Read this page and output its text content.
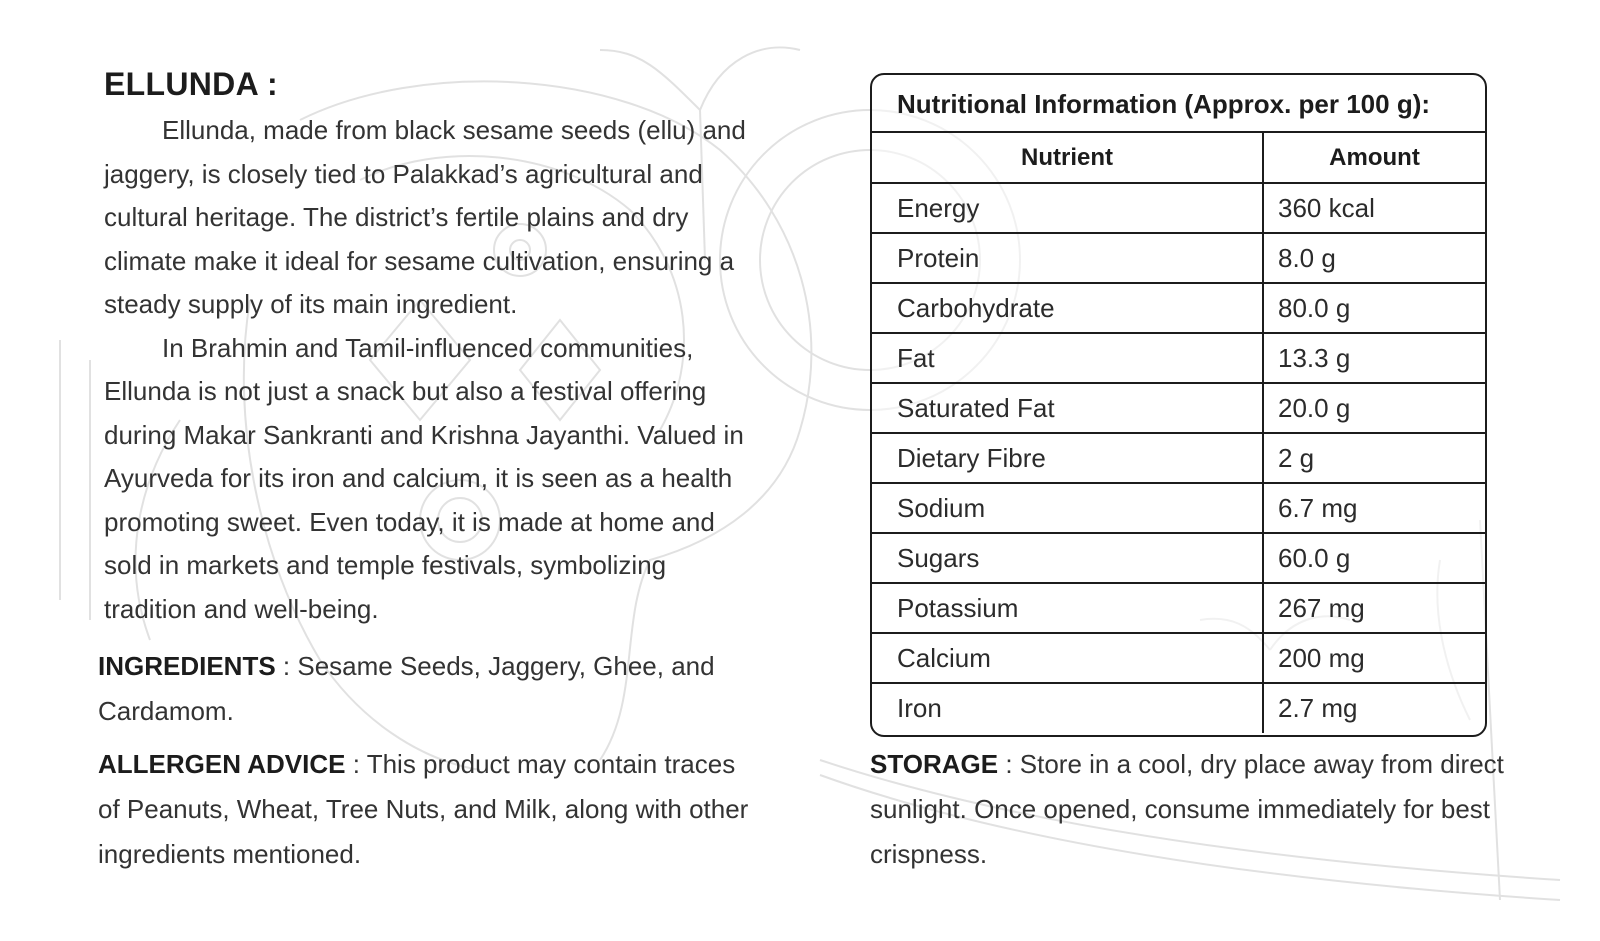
ELLUNDA :

Ellunda, made from black sesame seeds (ellu) and jaggery, is closely tied to Palakkad’s agricultural and cultural heritage. The district’s fertile plains and dry climate make it ideal for sesame cultivation, ensuring a steady supply of its main ingredient.

In Brahmin and Tamil-influenced communities, Ellunda is not just a snack but also a festival offering during Makar Sankranti and Krishna Jayanthi. Valued in Ayurveda for its iron and calcium, it is seen as a health promoting sweet. Even today, it is made at home and sold in markets and temple festivals, symbolizing tradition and well-being.

INGREDIENTS : Sesame Seeds, Jaggery, Ghee, and Cardamom.
ALLERGEN ADVICE : This product may contain traces of Peanuts, Wheat, Tree Nuts, and Milk, along with other ingredients mentioned.
Nutritional Information (Approx. per 100 g):
Nutrient	Amount
Energy	360 kcal
Protein	8.0 g
Carbohydrate	80.0 g
Fat	13.3 g
Saturated Fat	20.0 g
Dietary Fibre	2 g
Sodium	6.7 mg
Sugars	60.0 g
Potassium	267 mg
Calcium	200 mg
Iron	2.7 mg
STORAGE : Store in a cool, dry place away from direct sunlight. Once opened, consume immediately for best crispness.
